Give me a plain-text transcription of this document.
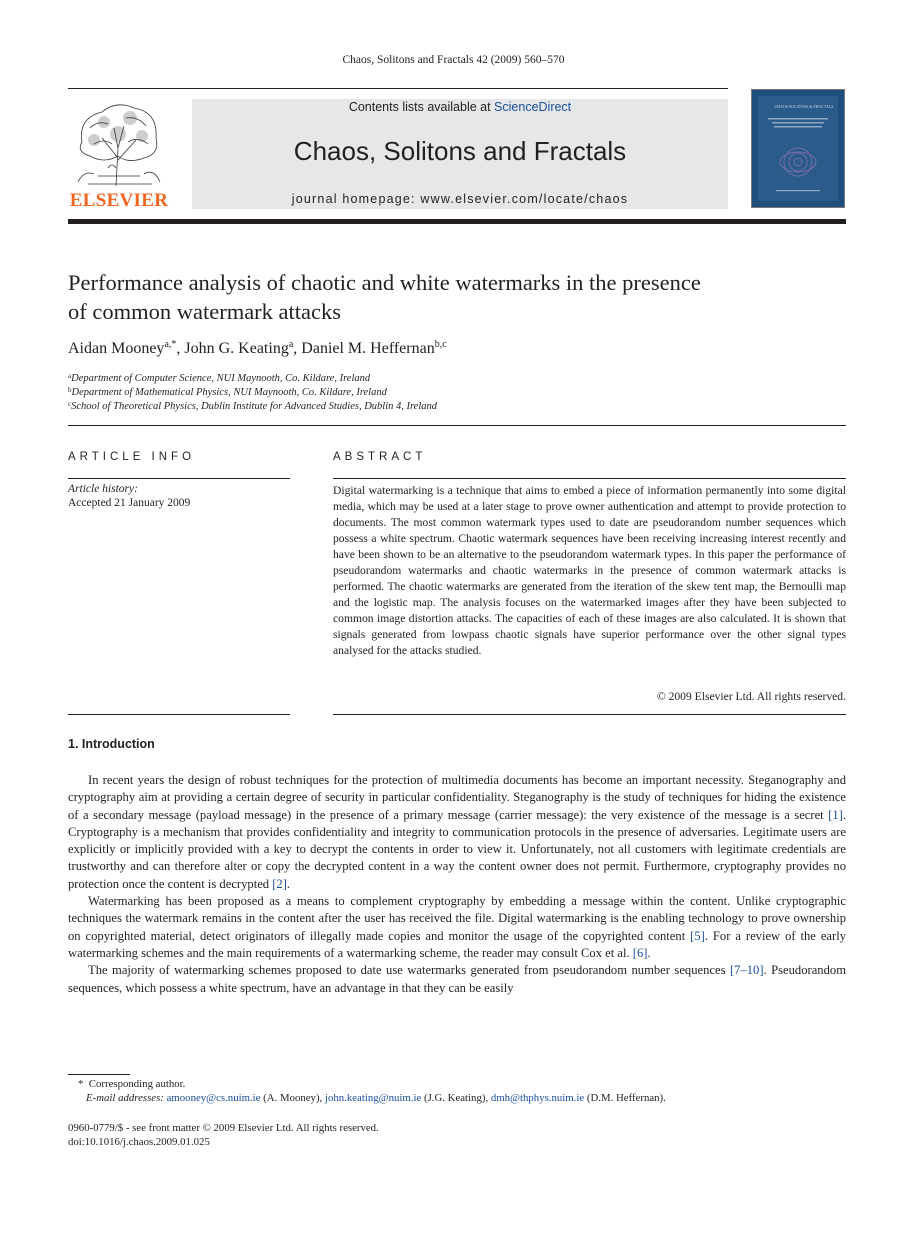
Chaos, Solitons and Fractals 42 (2009) 560–570
ELSEVIER
Contents lists available at ScienceDirect
Chaos, Solitons and Fractals
journal homepage: www.elsevier.com/locate/chaos
CHAOS SOLITONS & FRACTALS
Performance analysis of chaotic and white watermarks in the presence
of common watermark attacks
Aidan Mooney$^{a,*}$, John G. Keating$^a$, Daniel M. Heffernan$^{b,c}$
$^a$Department of Computer Science, NUI Maynooth, Co. Kildare, Ireland
$^b$Department of Mathematical Physics, NUI Maynooth, Co. Kildare, Ireland
$^c$School of Theoretical Physics, Dublin Institute for Advanced Studies, Dublin 4, Ireland
ARTICLE INFO
Article history:
Accepted 21 January 2009
ABSTRACT
Digital watermarking is a technique that aims to embed a piece of information permanently into some digital media, which may be used at a later stage to prove owner authentication and attempt to provide protection to documents. The most common watermark types used to date are pseudorandom number sequences which possess a white spectrum. Chaotic watermark sequences have been receiving increasing interest recently and have been shown to be an alternative to the pseudorandom watermark types. In this paper the performance of pseudorandom watermarks and chaotic watermarks in the presence of common watermark attacks is performed. The chaotic watermarks are generated from the iteration of the skew tent map, the Bernoulli map and the logistic map. The analysis focuses on the watermarked images after they have been subjected to common image distortion attacks. The capacities of each of these images are also calculated. It is shown that signals generated from lowpass chaotic signals have superior performance over the other signal types analysed for the attacks studied.
© 2009 Elsevier Ltd. All rights reserved.
1. Introduction

In recent years the design of robust techniques for the protection of multimedia documents has become an important necessity. Steganography and cryptography aim at providing a certain degree of security in particular confidentiality. Steganography is the study of techniques for hiding the existence of a secondary message (payload message) in the presence of a primary message (carrier message): the very existence of the message is a secret [1]. Cryptography is a mechanism that provides confidentiality and integrity to communication protocols in the presence of adversaries. Legitimate users are explicitly or implicitly provided with a key to decrypt the contents in order to view it. Unfortunately, not all customers with legitimate credentials are trustworthy and can therefore alter or copy the decrypted content in a way the content owner does not permit. Furthermore, cryptography provides no protection once the content is decrypted [2].

Watermarking has been proposed as a means to complement cryptography by embedding a message within the content. Unlike cryptographic techniques the watermark remains in the content after the user has received the file. Digital watermarking is the enabling technology to prove ownership on copyrighted material, detect originators of illegally made copies and monitor the usage of the copyrighted content [5]. For a review of the early watermarking schemes and the main requirements of a watermarking scheme, the reader may consult Cox et al. [6].

The majority of watermarking schemes proposed to date use watermarks generated from pseudorandom number sequences [7–10]. Pseudorandom sequences, which possess a white spectrum, have an advantage in that they can be easily

*  Corresponding author.
E-mail addresses: amooney@cs.nuim.ie (A. Mooney), john.keating@nuim.ie (J.G. Keating), dmh@thphys.nuim.ie (D.M. Heffernan).
0960-0779/$ - see front matter © 2009 Elsevier Ltd. All rights reserved.
doi:10.1016/j.chaos.2009.01.025
